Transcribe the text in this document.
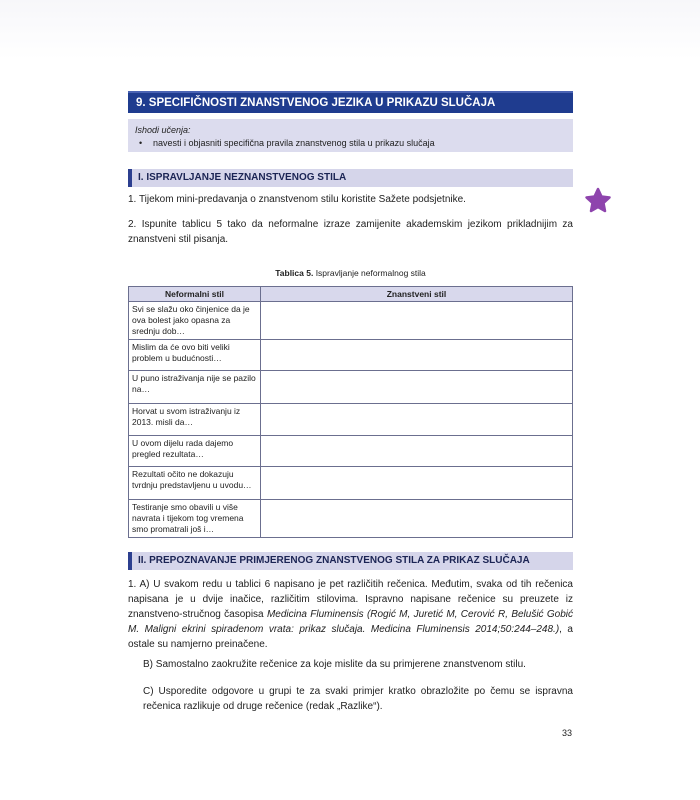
9. SPECIFIČNOSTI ZNANSTVENOG JEZIKA U PRIKAZU SLUČAJA
Ishodi učenja:
• navesti i objasniti specifična pravila znanstvenog stila u prikazu slučaja
I. ISPRAVLJANJE NEZNANSTVENOG STILA

1. Tijekom mini-predavanja o znanstvenom stilu koristite Sažete podsjetnike.

2. Ispunite tablicu 5 tako da neformalne izraze zamijenite akademskim jezikom prikladnijim za znanstveni stil pisanja.

Tablica 5. Ispravljanje neformalnog stila
Neformalni stil	Znanstveni stil
Svi se slažu oko činjenice da je ova bolest jako opasna za srednju dob…	
Mislim da će ovo biti veliki problem u budućnosti…	
U puno istraživanja nije se pazilo na…	
Horvat u svom istraživanju iz 2013. misli da…	
U ovom dijelu rada dajemo pregled rezultata…	
Rezultati očito ne dokazuju tvrdnju predstavljenu u uvodu…	
Testiranje smo obavili u više navrata i tijekom tog vremena smo promatrali još i…	
II. PREPOZNAVANJE PRIMJERENOG ZNANSTVENOG STILA ZA PRIKAZ SLUČAJA

1. A) U svakom redu u tablici 6 napisano je pet različitih rečenica. Međutim, svaka od tih rečenica napisana je u dvije inačice, različitim stilovima. Ispravno napisane rečenice su preuzete iz znanstveno-stručnog časopisa Medicina Fluminensis (Rogić M, Juretić M, Cerović R, Belušić Gobić M. Maligni ekrini spiradenom vrata: prikaz slučaja. Medicina Fluminensis 2014;50:244–248.), a ostale su namjerno preinačene.

B) Samostalno zaokružite rečenice za koje mislite da su primjerene znanstvenom stilu.

C) Usporedite odgovore u grupi te za svaki primjer kratko obrazložite po čemu se ispravna rečenica razlikuje od druge rečenice (redak „Razlike“).

33
